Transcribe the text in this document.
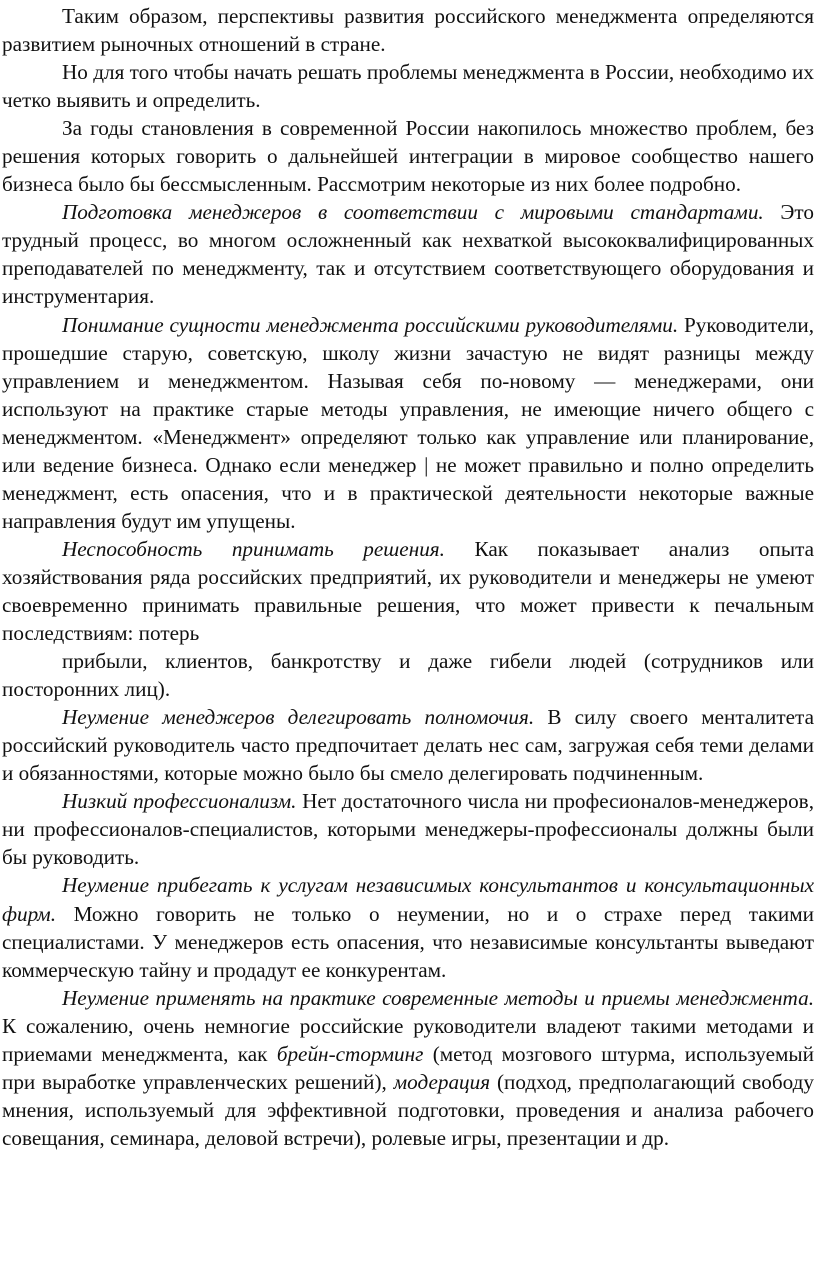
Таким образом, перспективы развития российского менеджмента определяются развитием рыночных отношений в стране.

Но для того чтобы начать решать проблемы менеджмента в России, необходимо их четко выявить и определить.

За годы становления в современной России накопилось множество проблем, без решения которых говорить о дальнейшей интеграции в мировое сообщество нашего бизнеса было бы бессмысленным. Рассмотрим некоторые из них более подробно.

Подготовка менеджеров в соответствии с мировыми стандартами. Это трудный процесс, во многом осложненный как нехваткой высококвалифицированных преподавателей по менеджменту, так и отсутствием соответствующего оборудования и инструментария.

Понимание сущности менеджмента российскими руководителями. Руководители, прошедшие старую, советскую, школу жизни зачастую не видят разницы между управлением и менеджментом. Называя себя по-новому — менеджерами, они используют на практике старые методы управления, не имеющие ничего общего с менеджментом. «Менеджмент» определяют только как управление или планирование, или ведение бизнеса. Однако если менеджер | не может правильно и полно определить менеджмент, есть опасения, что и в практической деятельности некоторые важные направления будут им упущены.

Неспособность принимать решения. Как показывает анализ опыта хозяйствования ряда российских предприятий, их руководители и менеджеры не умеют своевременно принимать правильные решения, что может привести к печальным последствиям: потерь

прибыли, клиентов, банкротству и даже гибели людей (сотрудников или посторонних лиц).

Неумение менеджеров делегировать полномочия. В силу своего менталитета российский руководитель часто предпочитает делать нес сам, загружая себя теми делами и обязанностями, которые можно было бы смело делегировать подчиненным.

Низкий профессионализм. Нет достаточного числа ни професионалов-менеджеров, ни профессионалов-специалистов, которыми менеджеры-профессионалы должны были бы руководить.

Неумение прибегать к услугам независимых консультантов и консультационных фирм. Можно говорить не только о неумении, но и о страхе перед такими специалистами. У менеджеров есть опасения, что независимые консультанты выведают коммерческую тайну и продадут ее конкурентам.

Неумение применять на практике современные методы и приемы менеджмента. К сожалению, очень немногие российские руководители владеют такими методами и приемами менеджмента, как брейн-сторминг (метод мозгового штурма, используемый при выработке управленческих решений), модерация (подход, предполагающий свободу мнения, используемый для эффективной подготовки, проведения и анализа рабочего совещания, семинара, деловой встречи), ролевые игры, презентации и др.
